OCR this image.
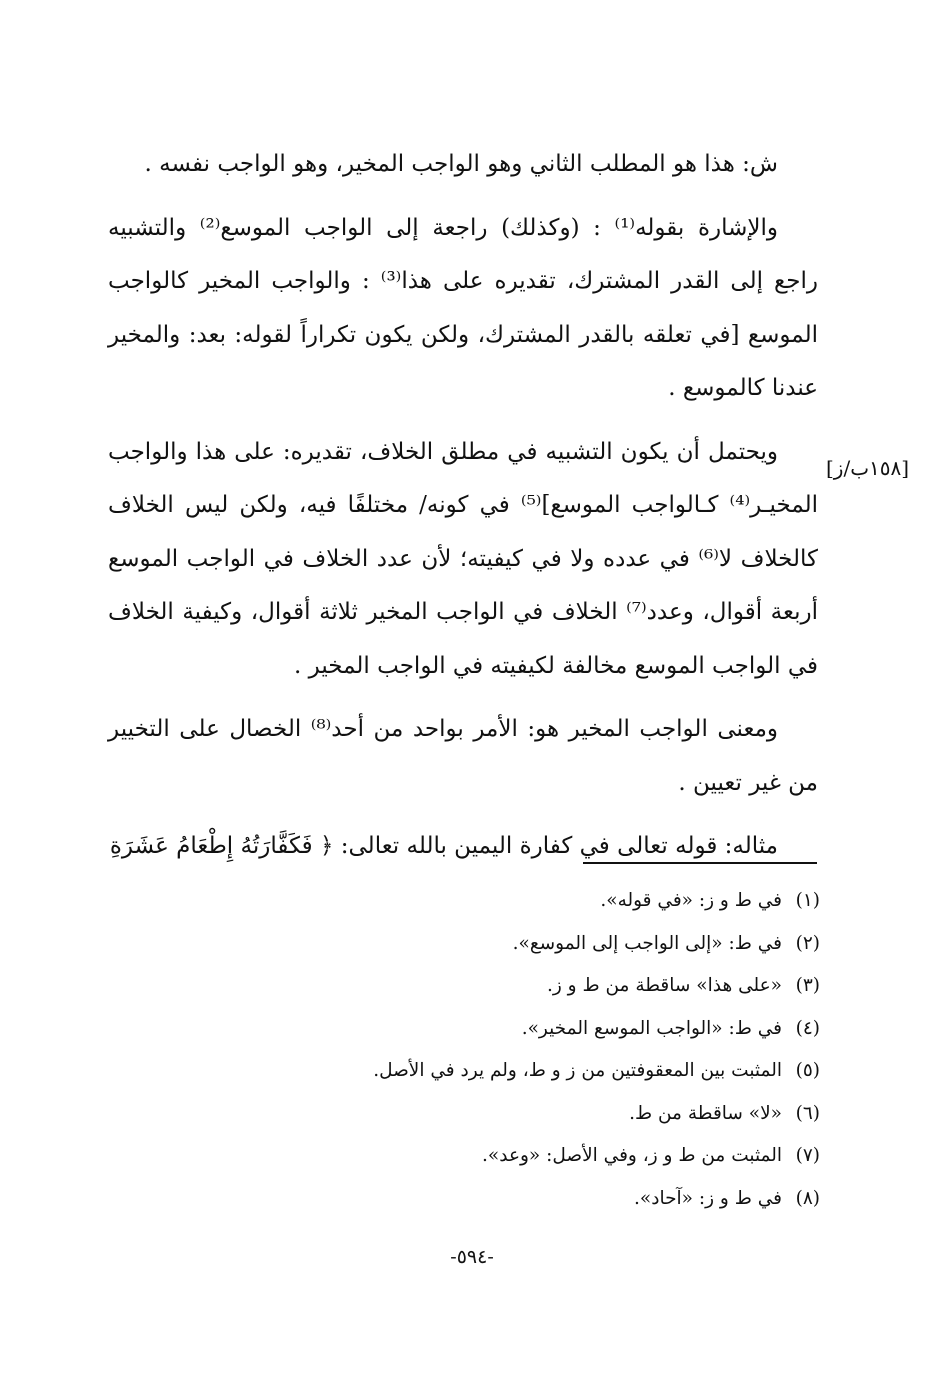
ش: هذا هو المطلب الثاني وهو الواجب المخير، وهو الواجب نفسه .

والإشارة بقوله⁽¹⁾ : (وكذلك) راجعة إلى الواجب الموسع⁽²⁾ والتشبيه راجع إلى القدر المشترك، تقديره على هذا⁽³⁾ : والواجب المخير كالواجب الموسع [في تعلقه بالقدر المشترك، ولكن يكون تكراراً لقوله: بعد: والمخير عندنا كالموسع .

ويحتمل أن يكون التشبيه في مطلق الخلاف، تقديره: على هذا والواجب المخيـر⁽⁴⁾ كـالواجب الموسع]⁽⁵⁾ في كونه/ مختلفًا فيه، ولكن ليس الخلاف كالخلاف لا⁽⁶⁾ في عدده ولا في كيفيته؛ لأن عدد الخلاف في الواجب الموسع أربعة أقوال، وعدد⁽⁷⁾ الخلاف في الواجب المخير ثلاثة أقوال، وكيفية الخلاف في الواجب الموسع مخالفة لكيفيته في الواجب المخير .

ومعنى الواجب المخير هو: الأمر بواحد من أحد⁽⁸⁾ الخصال على التخيير من غير تعيين .

مثاله: قوله تعالى في كفارة اليمين بالله تعالى: ﴿ فَكَفَّارَتُهُ إِطْعَامُ عَشَرَةِ

[١٥٨ب/ز]
(١)
في ط و ز: «في قوله».
(٢)
في ط: «إلى الواجب إلى الموسع».
(٣)
«على هذا» ساقطة من ط و ز.
(٤)
في ط: «الواجب الموسع المخير».
(٥)
المثبت بين المعقوفتين من ز و ط، ولم يرد في الأصل.
(٦)
«لا» ساقطة من ط.
(٧)
المثبت من ط و ز، وفي الأصل: «وعد».
(٨)
في ط و ز: «آحاد».
-٥٩٤-
